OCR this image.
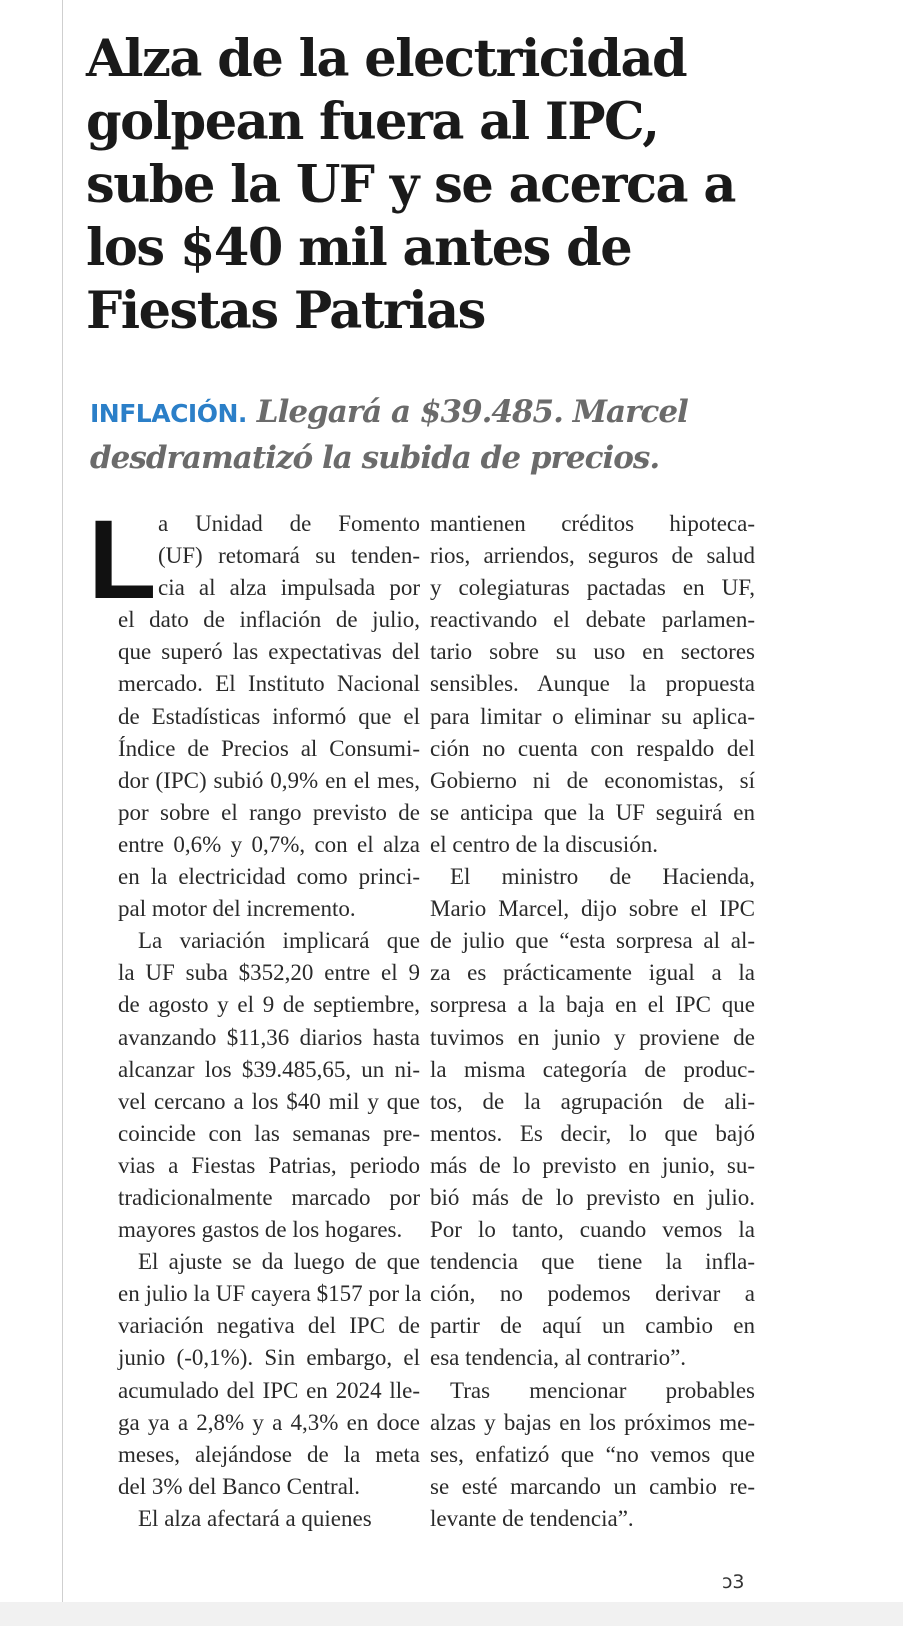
Alza de la electricidad
golpean fuera al IPC,
sube la UF y se acerca a
los $40 mil antes de
Fiestas Patrias
INFLACIÓN. Llegará a $39.485. Marcel
desdramatizó la subida de precios.
L a Unidad de Fomento
(UF) retomará su tenden-
cia al alza impulsada por
el dato de inflación de julio,
que superó las expectativas del
mercado. El Instituto Nacional
de Estadísticas informó que el
Índice de Precios al Consumi-
dor (IPC) subió 0,9% en el mes,
por sobre el rango previsto de
entre 0,6% y 0,7%, con el alza
en la electricidad como princi-
pal motor del incremento.
La variación implicará que
la UF suba $352,20 entre el 9
de agosto y el 9 de septiembre,
avanzando $11,36 diarios hasta
alcanzar los $39.485,65, un ni-
vel cercano a los $40 mil y que
coincide con las semanas pre-
vias a Fiestas Patrias, periodo
tradicionalmente marcado por
mayores gastos de los hogares.
El ajuste se da luego de que
en julio la UF cayera $157 por la
variación negativa del IPC de
junio (-0,1%). Sin embargo, el
acumulado del IPC en 2024 lle-
ga ya a 2,8% y a 4,3% en doce
meses, alejándose de la meta
del 3% del Banco Central.
El alza afectará a quienes
mantienen créditos hipoteca-
rios, arriendos, seguros de salud
y colegiaturas pactadas en UF,
reactivando el debate parlamen-
tario sobre su uso en sectores
sensibles. Aunque la propuesta
para limitar o eliminar su aplica-
ción no cuenta con respaldo del
Gobierno ni de economistas, sí
se anticipa que la UF seguirá en
el centro de la discusión.
El ministro de Hacienda,
Mario Marcel, dijo sobre el IPC
de julio que “esta sorpresa al al-
za es prácticamente igual a la
sorpresa a la baja en el IPC que
tuvimos en junio y proviene de
la misma categoría de produc-
tos, de la agrupación de ali-
mentos. Es decir, lo que bajó
más de lo previsto en junio, su-
bió más de lo previsto en julio.
Por lo tanto, cuando vemos la
tendencia que tiene la infla-
ción, no podemos derivar a
partir de aquí un cambio en
esa tendencia, al contrario”.
Tras mencionar probables
alzas y bajas en los próximos me-
ses, enfatizó que “no vemos que
se esté marcando un cambio re-
levante de tendencia”.
ↄ3
